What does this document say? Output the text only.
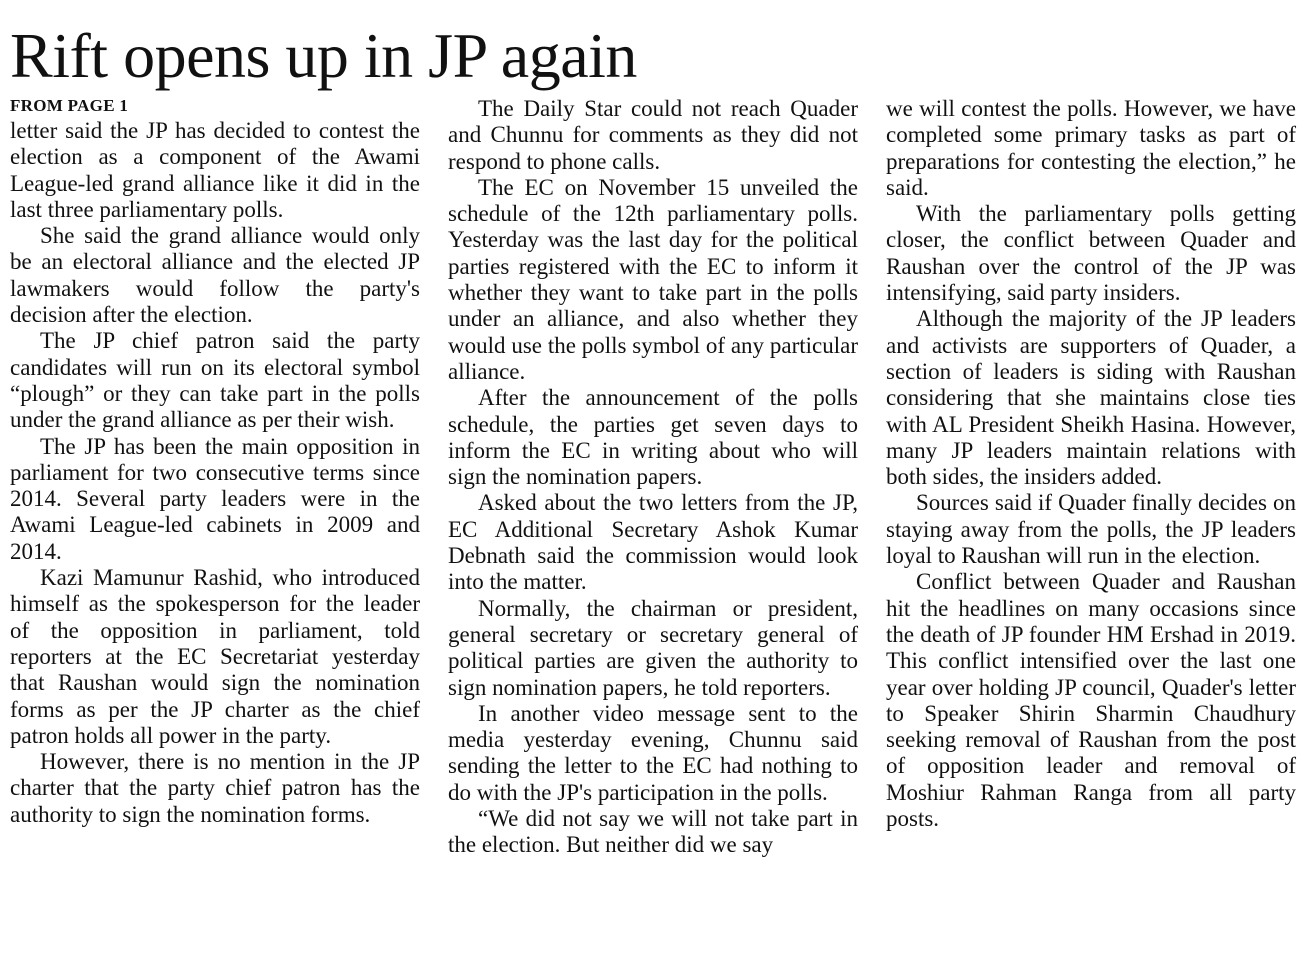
Rift opens up in JP again
FROM PAGE 1

letter said the JP has decided to contest the election as a component of the Awami League-led grand alliance like it did in the last three parliamentary polls.

She said the grand alliance would only be an electoral alliance and the elected JP lawmakers would follow the party's decision after the election.

The JP chief patron said the party candidates will run on its electoral symbol “plough” or they can take part in the polls under the grand alliance as per their wish.

The JP has been the main opposition in parliament for two consecutive terms since 2014. Several party leaders were in the Awami League-led cabinets in 2009 and 2014.

Kazi Mamunur Rashid, who introduced himself as the spokesperson for the leader of the opposition in parliament, told reporters at the EC Secretariat yesterday that Raushan would sign the nomination forms as per the JP charter as the chief patron holds all power in the party.

However, there is no mention in the JP charter that the party chief patron has the authority to sign the nomination forms.

The Daily Star could not reach Quader and Chunnu for comments as they did not respond to phone calls.

The EC on November 15 unveiled the schedule of the 12th parliamentary polls. Yesterday was the last day for the political parties registered with the EC to inform it whether they want to take part in the polls under an alliance, and also whether they would use the polls symbol of any particular alliance.

After the announcement of the polls schedule, the parties get seven days to inform the EC in writing about who will sign the nomination papers.

Asked about the two letters from the JP, EC Additional Secretary Ashok Kumar Debnath said the commission would look into the matter.

Normally, the chairman or president, general secretary or secretary general of political parties are given the authority to sign nomination papers, he told reporters.

In another video message sent to the media yesterday evening, Chunnu said sending the letter to the EC had nothing to do with the JP's participation in the polls.

“We did not say we will not take part in the election. But neither did we say

we will contest the polls. However, we have completed some primary tasks as part of preparations for contesting the election,” he said.

With the parliamentary polls getting closer, the conflict between Quader and Raushan over the control of the JP was intensifying, said party insiders.

Although the majority of the JP leaders and activists are supporters of Quader, a section of leaders is siding with Raushan considering that she maintains close ties with AL President Sheikh Hasina. However, many JP leaders maintain relations with both sides, the insiders added.

Sources said if Quader finally decides on staying away from the polls, the JP leaders loyal to Raushan will run in the election.

Conflict between Quader and Raushan hit the headlines on many occasions since the death of JP founder HM Ershad in 2019. This conflict intensified over the last one year over holding JP council, Quader's letter to Speaker Shirin Sharmin Chaudhury seeking removal of Raushan from the post of opposition leader and removal of Moshiur Rahman Ranga from all party posts.
